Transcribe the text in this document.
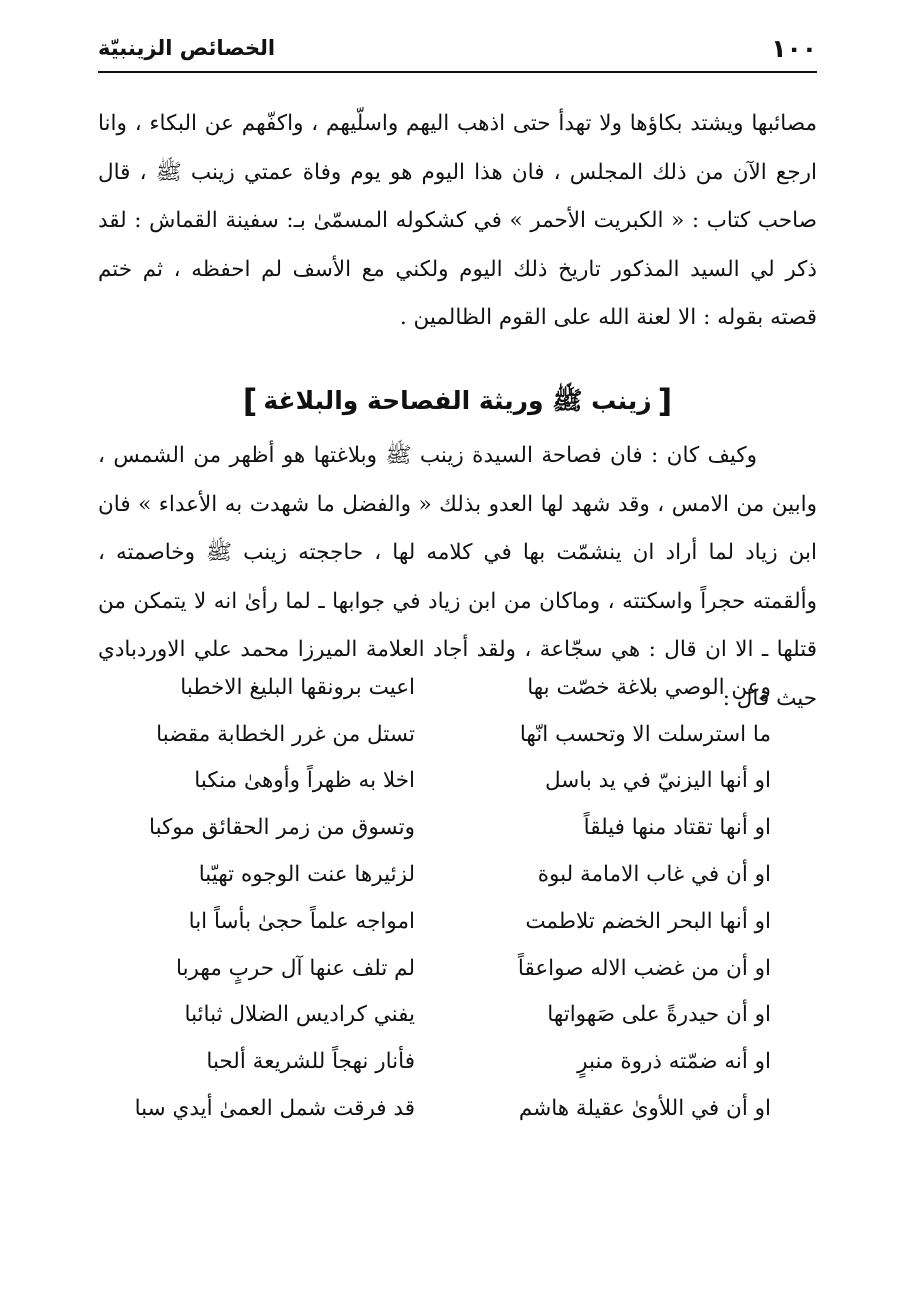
١٠٠
الخصائص الزينبيّة

مصائبها ويشتد بكاؤها ولا تهدأ حتى اذهب اليهم واسلّيهم ، واكفّهم عن البكاء ، وانا ارجع الآن من ذلك المجلس ، فان هذا اليوم هو يوم وفاة عمتي زينب ﷺ ، قال صاحب كتاب : « الكبريت الأحمر » في كشكوله المسمّىٰ بـ: سفينة القماش : لقد ذكر لي السيد المذكور تاريخ ذلك اليوم ولكني مع الأسف لم احفظه ، ثم ختم قصته بقوله : الا لعنة الله على القوم الظالمين .

[زينب ﷺ وريثة الفصاحة والبلاغة]

وكيف كان : فان فصاحة السيدة زينب ﷺ وبلاغتها هو أظهر من الشمس ، وابين من الامس ، وقد شهد لها العدو بذلك « والفضل ما شهدت به الأعداء » فان ابن زياد لما أراد ان ينشمّت بها في كلامه لها ، حاججته زينب ﷺ وخاصمته ، وألقمته حجراً واسكتته ، وماكان من ابن زياد في جوابها ـ لما رأىٰ انه لا يتمكن من قتلها ـ الا ان قال : هي سجّاعة ، ولقد أجاد العلامة الميرزا محمد علي الاوردبادي حيث قال :

وعن الوصي بلاغة خصّت بها
اعيت برونقها البليغ الاخطبا
ما استرسلت الا وتحسب انّها
تستل من غرر الخطابة مقضبا
او أنها اليزنيّ في يد باسل
اخلا به ظهراً وأوهىٰ منكبا
او أنها تقتاد منها فيلقاً
وتسوق من زمر الحقائق موكبا
او أن في غاب الامامة لبوة
لزئيرها عنت الوجوه تهيّبا
او أنها البحر الخضم تلاطمت
امواجه علماً حجىٰ بأساً ابا
او أن من غضب الاله صواعقاً
لم تلف عنها آل حربٍ مهربا
او أن حيدرةً على صَهواتها
يفني كراديس الضلال ثبائبا
او أنه ضمّته ذروة منبرٍ
فأنار نهجاً للشريعة ألحبا
او أن في اللأوىٰ عقيلة هاشم
قد فرقت شمل العمىٰ أيدي سبا
